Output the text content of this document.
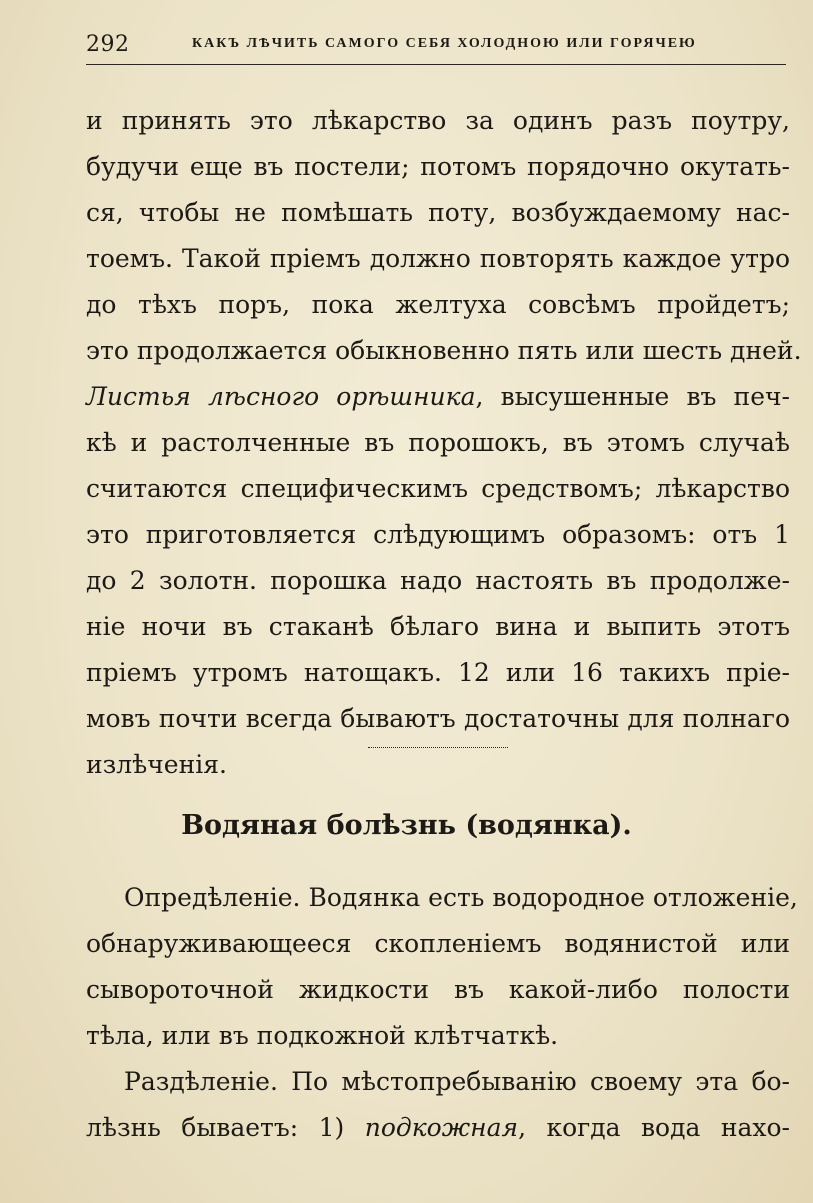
292	КАКЪ ЛѢЧИТЬ САМОГО СЕБЯ ХОЛОДНОЮ ИЛИ ГОРЯЧЕЮ
и принять это лѣкарство за одинъ разъ поутру,
будучи еще въ постели; потомъ порядочно окутать-
ся, чтобы не помѣшать поту, возбуждаемому нас-
тоемъ. Такой пріемъ должно повторять каждое утро
до тѣхъ поръ, пока желтуха совсѣмъ пройдетъ;
это продолжается обыкновенно пять или шесть дней.
Листья лѣсного орѣшника, высушенные въ печ-
кѣ и растолченные въ порошокъ, въ этомъ случаѣ
считаются специфическимъ средствомъ; лѣкарство
это приготовляется слѣдующимъ образомъ: отъ 1
до 2 золотн. порошка надо настоять въ продолже-
ніе ночи въ стаканѣ бѣлаго вина и выпить этотъ
пріемъ утромъ натощакъ. 12 или 16 такихъ пріе-
мовъ почти всегда бываютъ достаточны для полнаго
излѣченія.
Водяная болѣзнь (водянка).
Опредѣленіе. Водянка есть водородное отложеніе,
обнаруживающееся скопленіемъ водянистой или
сывороточной жидкости въ какой-либо полости
тѣла, или въ подкожной клѣтчаткѣ.
Раздѣленіе. По мѣстопребыванію своему эта бо-
лѣзнь бываетъ: 1) подкожная, когда вода нахо-
